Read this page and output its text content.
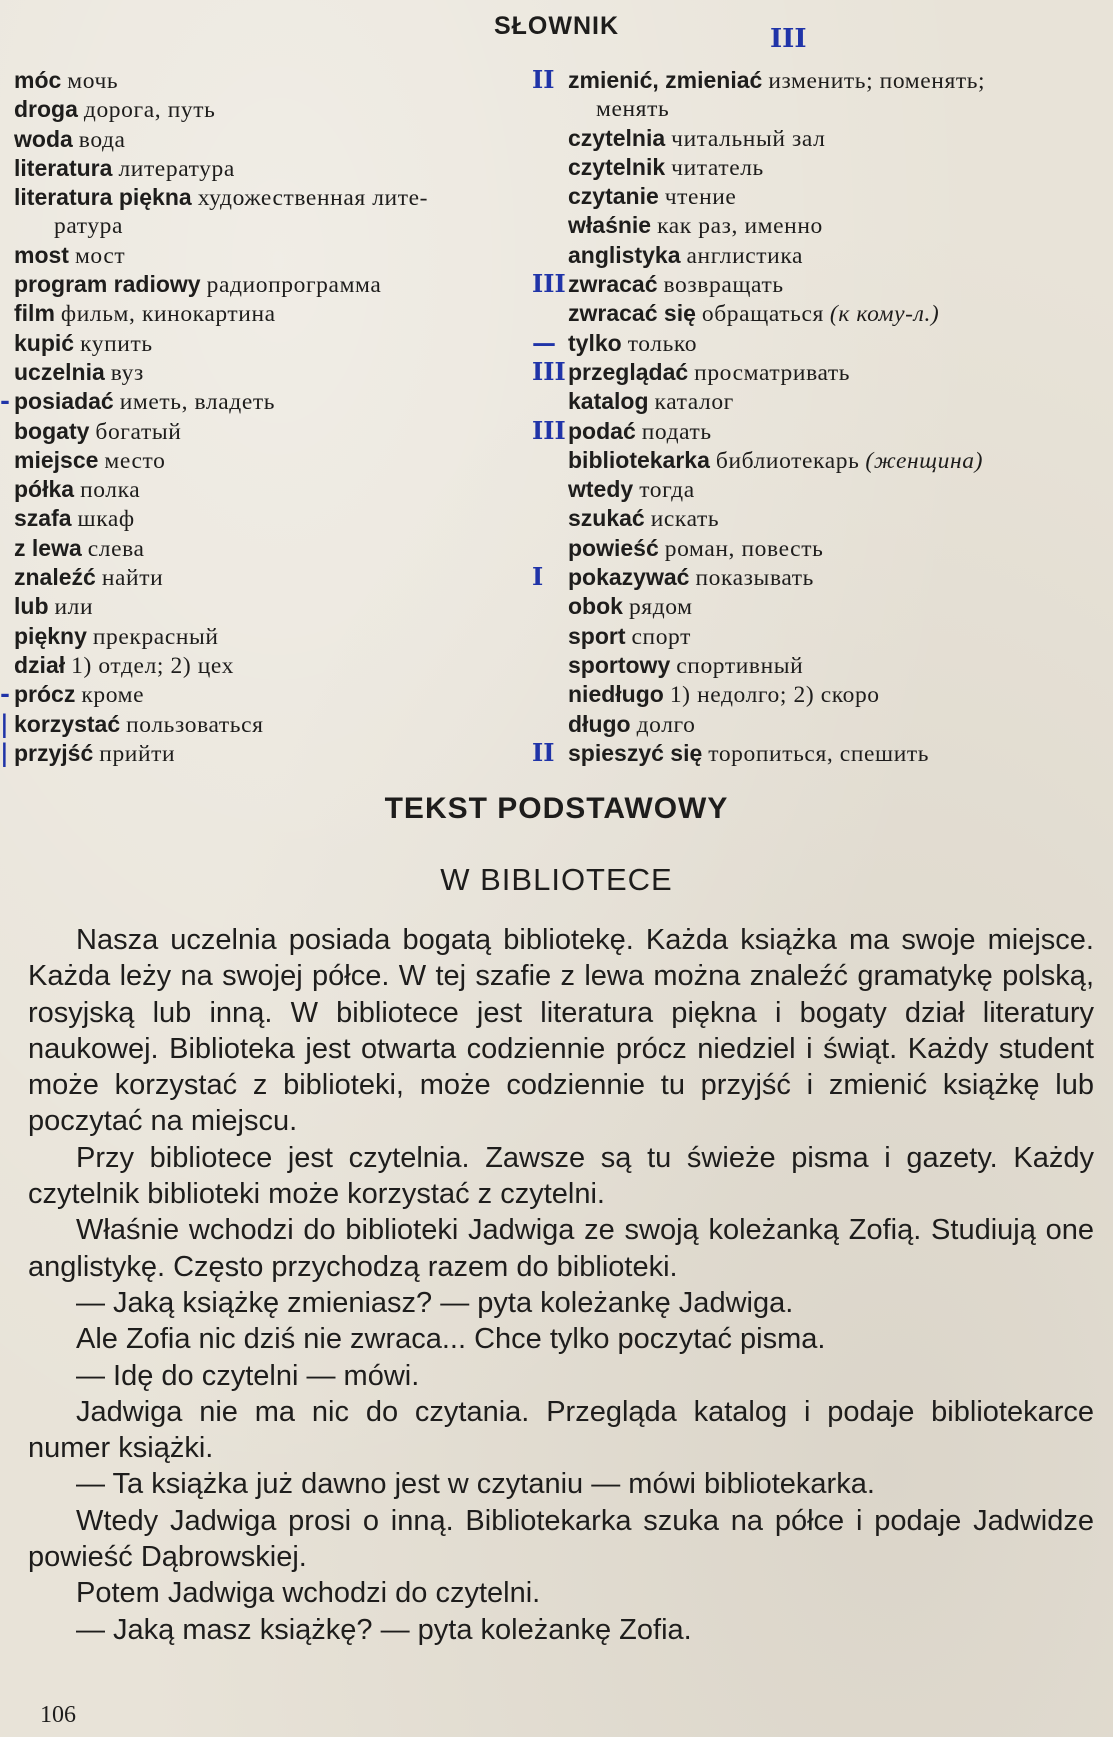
SŁOWNIK	III
móc мочь
droga дорога, путь
woda вода
literatura литература
literatura piękna художественная лите-
ратура
most мост
program radiowy радиопрограмма
film фильм, кинокартина
kupić купить
uczelnia вуз
- posiadać иметь, владеть
bogaty богатый
miejsce место
półka полка
szafa шкаф
z lewa слева
znaleźć найти
lub или
piękny прекрасный
dział 1) отдел; 2) цех
- prócz кроме
| korzystać пользоваться
| przyjść прийти
II zmienić, zmieniać изменить; поменять;
менять
czytelnia читальный зал
czytelnik читатель
czytanie чтение
właśnie как раз, именно
anglistyka англистика
III zwracać возвращать
zwracać się обращаться (к кому-л.)
— tylko только
III przeglądać просматривать
katalog каталог
III podać подать
bibliotekarka библиотекарь (женщина)
wtedy тогда
szukać искать
powieść роман, повесть
I pokazywać показывать
obok рядом
sport спорт
sportowy спортивный
niedługo 1) недолго; 2) скоро
długo долго
II spieszyć się торопиться, спешить
TEKST PODSTAWOWY
W BIBLIOTECE

Nasza uczelnia posiada bogatą bibliotekę. Każda książka ma swoje miejsce. Każda leży na swojej półce. W tej szafie z lewa można znaleźć gramatykę polską, rosyjską lub inną. W bibliotece jest literatura piękna i bogaty dział literatury naukowej. Biblioteka jest otwarta codziennie prócz niedziel i świąt. Każdy student może korzystać z biblioteki, może codziennie tu przyjść i zmienić książkę lub poczytać na miejscu.

Przy bibliotece jest czytelnia. Zawsze są tu świeże pisma i gazety. Każdy czytelnik biblioteki może korzystać z czytelni.

Właśnie wchodzi do biblioteki Jadwiga ze swoją koleżanką Zofią. Studiują one anglistykę. Często przychodzą razem do biblioteki.

— Jaką książkę zmieniasz? — pyta koleżankę Jadwiga.

Ale Zofia nic dziś nie zwraca... Chce tylko poczytać pisma.

— Idę do czytelni — mówi.

Jadwiga nie ma nic do czytania. Przegląda katalog i podaje bibliotekarce numer książki.

— Ta książka już dawno jest w czytaniu — mówi bibliotekarka.

Wtedy Jadwiga prosi o inną. Bibliotekarka szuka na półce i podaje Jadwidze powieść Dąbrowskiej.

Potem Jadwiga wchodzi do czytelni.

— Jaką masz książkę? — pyta koleżankę Zofia.

106
